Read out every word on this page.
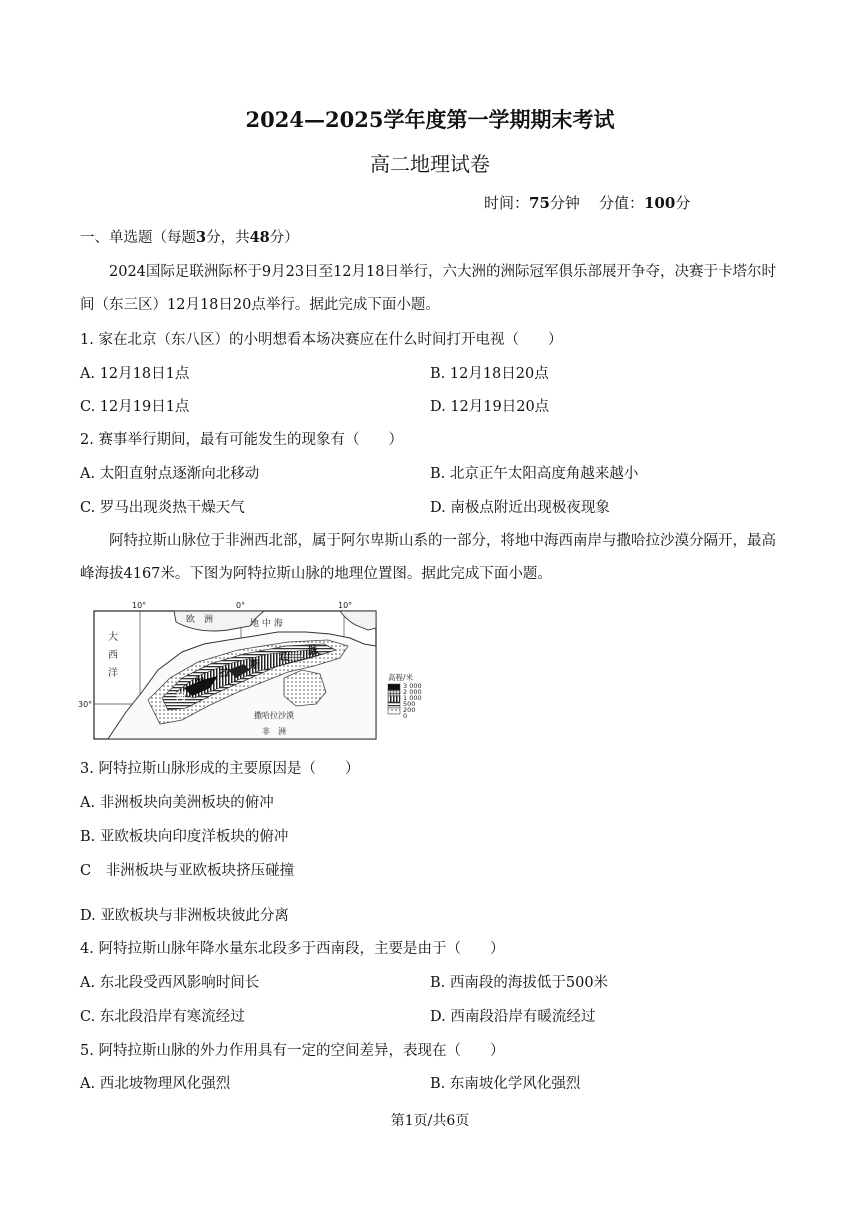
2024—2025学年度第一学期期末考试
高二地理试卷
时间：75分钟 分值：100分
一、单选题（每题3分，共48分）
2024国际足联洲际杯于9月23日至12月18日举行，六大洲的洲际冠军俱乐部展开争夺，决赛于卡塔尔时间（东三区）12月18日20点举行。据此完成下面小题。
1. 家在北京（东八区）的小明想看本场决赛应在什么时间打开电视（　　）
A. 12月18日1点	B. 12月18日20点
C. 12月19日1点	D. 12月19日20点
2. 赛事举行期间，最有可能发生的现象有（　　）
A. 太阳直射点逐渐向北移动	B. 北京正午太阳高度角越来越小
C. 罗马出现炎热干燥天气	D. 南极点附近出现极夜现象
阿特拉斯山脉位于非洲西北部，属于阿尔卑斯山系的一部分，将地中海西南岸与撒哈拉沙漠分隔开，最高峰海拔4167米。下图为阿特拉斯山脉的地理位置图。据此完成下面小题。
10°	0°	10°
30°
欧　洲	地 中 海
大
西
洋
阿
特
拉
斯
山
脉
撒哈拉沙漠
非　洲
高程/米
3 000
2 000
1 000
500
200
0
3. 阿特拉斯山脉形成的主要原因是（　　）
A. 非洲板块向美洲板块的俯冲
B. 亚欧板块向印度洋板块的俯冲
C　非洲板块与亚欧板块挤压碰撞
D. 亚欧板块与非洲板块彼此分离
4. 阿特拉斯山脉年降水量东北段多于西南段，主要是由于（　　）
A. 东北段受西风影响时间长	B. 西南段的海拔低于500米
C. 东北段沿岸有寒流经过	D. 西南段沿岸有暖流经过
5. 阿特拉斯山脉的外力作用具有一定的空间差异，表现在（　　）
A. 西北坡物理风化强烈	B. 东南坡化学风化强烈
第1页/共6页
